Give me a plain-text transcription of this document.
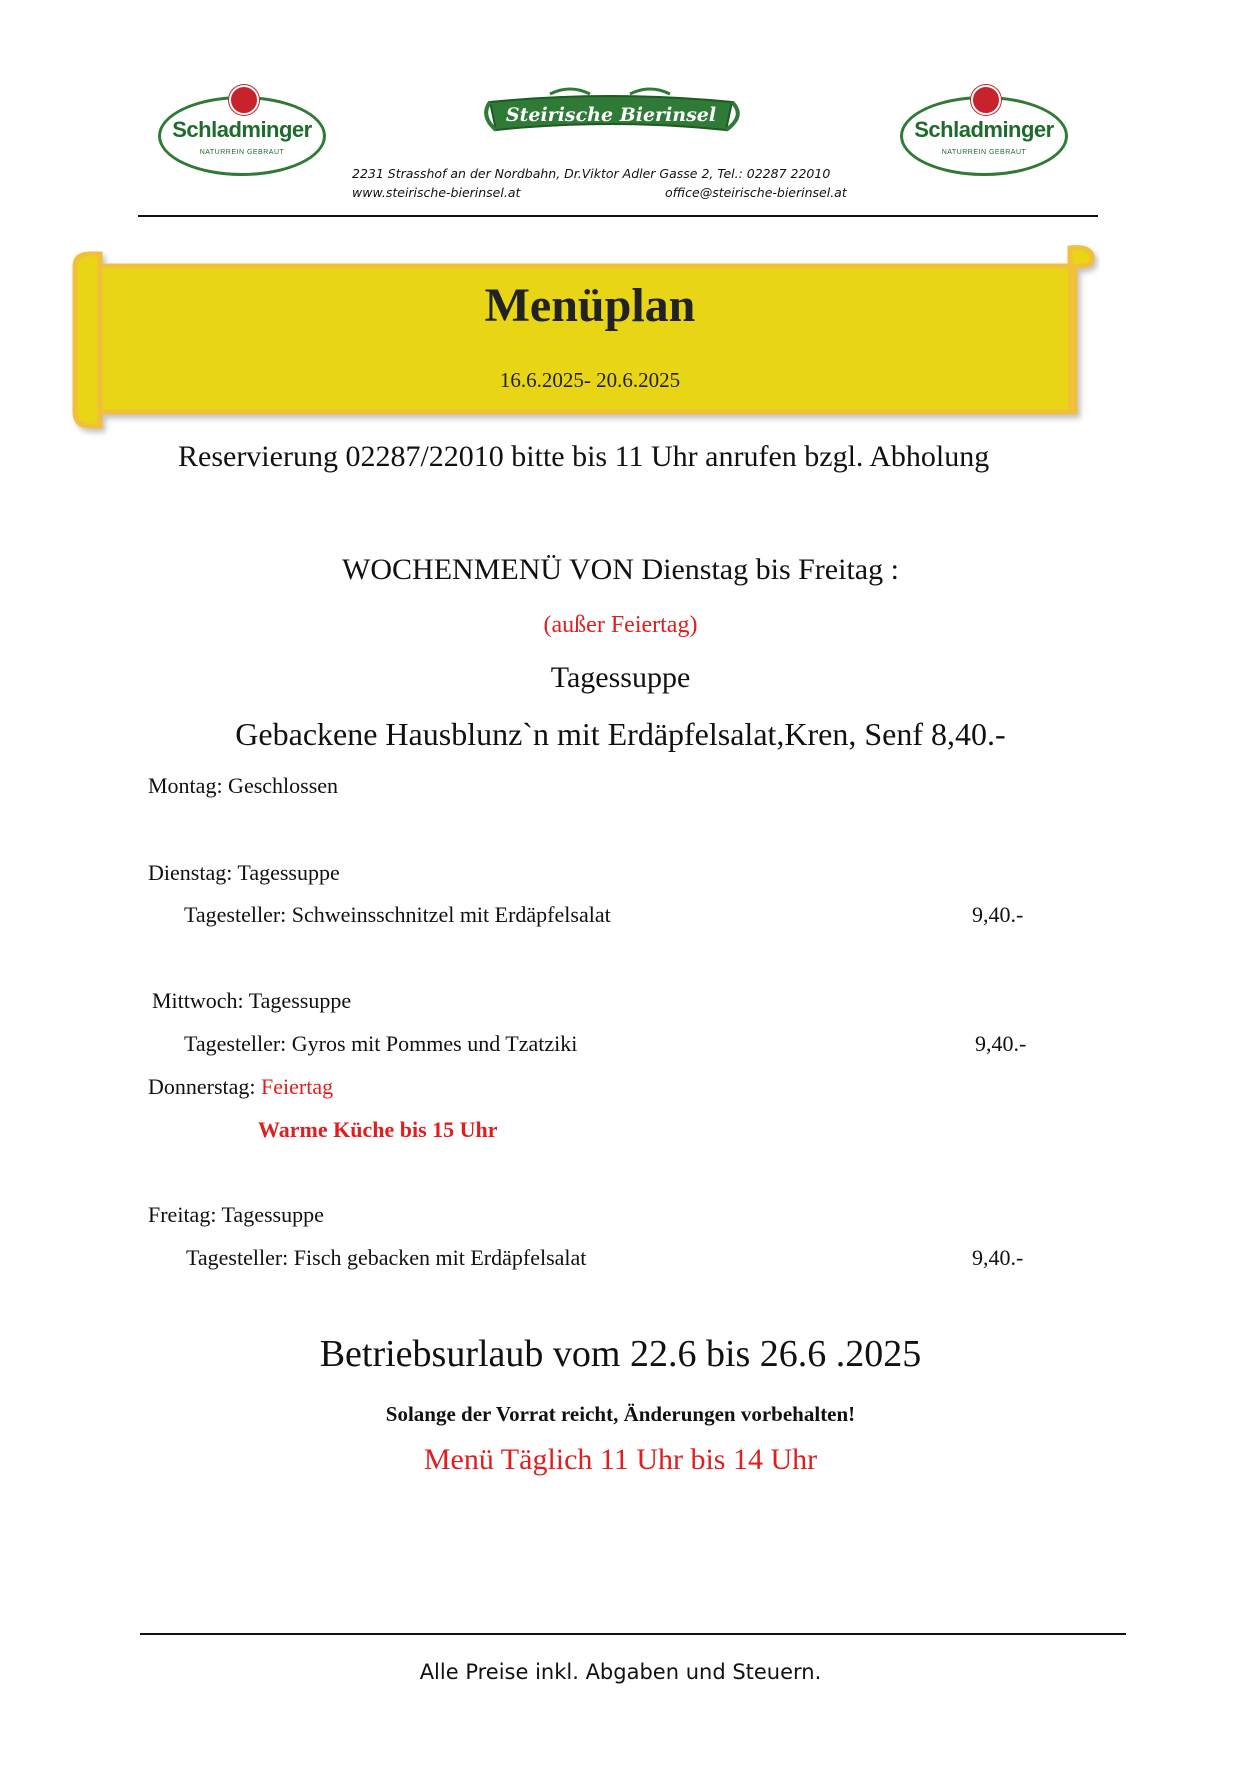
Schladminger
NATURREIN GEBRAUT
Schladminger
NATURREIN GEBRAUT
Steirische Bierinsel
2231 Strasshof an der Nordbahn, Dr.Viktor Adler Gasse 2, Tel.: 02287 22010
www.steirische-bierinsel.at	office@steirische-bierinsel.at
Menüplan
16.6.2025- 20.6.2025
Reservierung 02287/22010 bitte bis 11 Uhr anrufen bzgl. Abholung
WOCHENMENÜ VON Dienstag bis Freitag :
(außer Feiertag)
Tagessuppe
Gebackene Hausblunz`n mit Erdäpfelsalat,Kren, Senf 8,40.-
Montag: Geschlossen
Dienstag: Tagessuppe
Tagesteller: Schweinsschnitzel mit Erdäpfelsalat	9,40.-
Mittwoch: Tagessuppe
Tagesteller: Gyros mit Pommes und Tzatziki	9,40.-
Donnerstag: Feiertag
Warme Küche bis 15 Uhr
Freitag: Tagessuppe
Tagesteller: Fisch gebacken mit Erdäpfelsalat	9,40.-
Betriebsurlaub vom 22.6 bis 26.6 .2025
Solange der Vorrat reicht, Änderungen vorbehalten!
Menü Täglich 11 Uhr bis 14 Uhr
Alle Preise inkl. Abgaben und Steuern.
